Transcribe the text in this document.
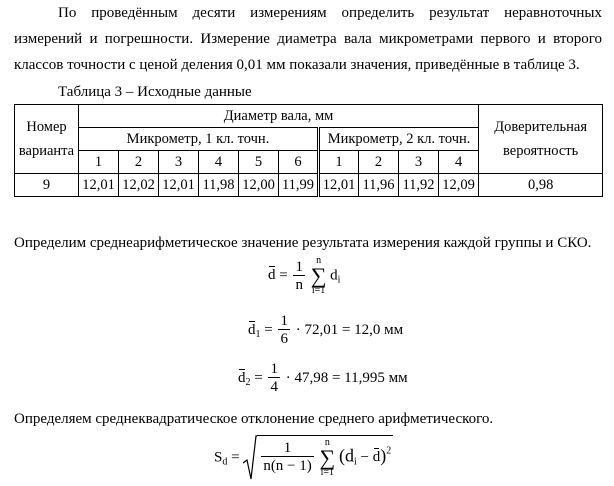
По проведённым десяти измерениям определить результат неравноточных измерений и погрешности. Измерение диаметра вала микрометрами первого и второго классов точности с ценой деления 0,01 мм показали значения, приведённые в таблице 3.
Таблица 3 – Исходные данные
Номер варианта	Диаметр вала, мм										Доверительная вероятность
	Микрометр, 1 кл. точн.						Микрометр, 2 кл. точн.				
	1	2	3	4	5	6	1	2	3	4	
9	12,01	12,02	12,01	11,98	12,00	11,99	12,01	11,96	11,92	12,09	0,98
Определим среднеарифметическое значение результата измерения каждой группы и СКО.
$d = \frac{1}{n}$
	n
∑
i=1
$d_i$
$d_1 = \frac{1}{6} \cdot 72,01 = 12,0$ мм
$d_2 = \frac{1}{4} \cdot 47,98 = 11,995$ мм
Определяем среднеквадратическое отклонение среднего арифметического.
$S_d = \frac{1}{n(n - 1)}$
	n
∑
i=1
$(d_i - d)^2$
